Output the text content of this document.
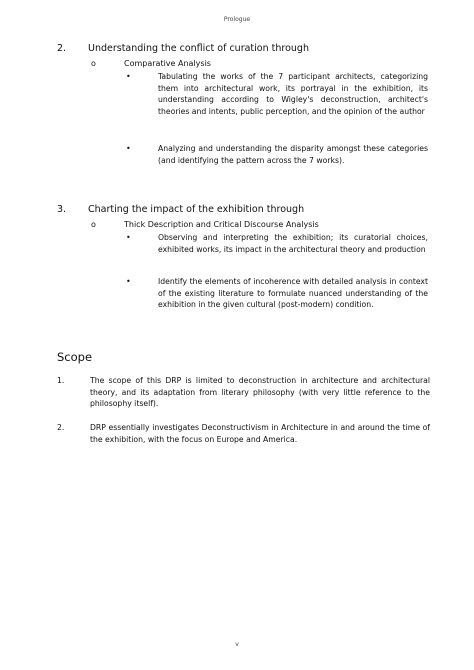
Prologue
2. Understanding the conflict of curation through
o	Comparative Analysis
•	Tabulating the works of the 7 participant architects, categorizing them into architectural work, its portrayal in the exhibition, its understanding according to Wigley's deconstruction, architect's theories and intents, public perception, and the opinion of the author
•	Analyzing and understanding the disparity amongst these categories (and identifying the pattern across the 7 works).
3. Charting the impact of the exhibition through
o	Thick Description and Critical Discourse Analysis
•	Observing and interpreting the exhibition; its curatorial choices, exhibited works, its impact in the architectural theory and production
•	Identify the elements of incoherence with detailed analysis in context of the existing literature to formulate nuanced understanding of the exhibition in the given cultural (post-modern) condition.
Scope
1.	The scope of this DRP is limited to deconstruction in architecture and architectural theory, and its adaptation from literary philosophy (with very little reference to the philosophy itself).
2.	DRP essentially investigates Deconstructivism in Architecture in and around the time of the exhibition, with the focus on Europe and America.
v
